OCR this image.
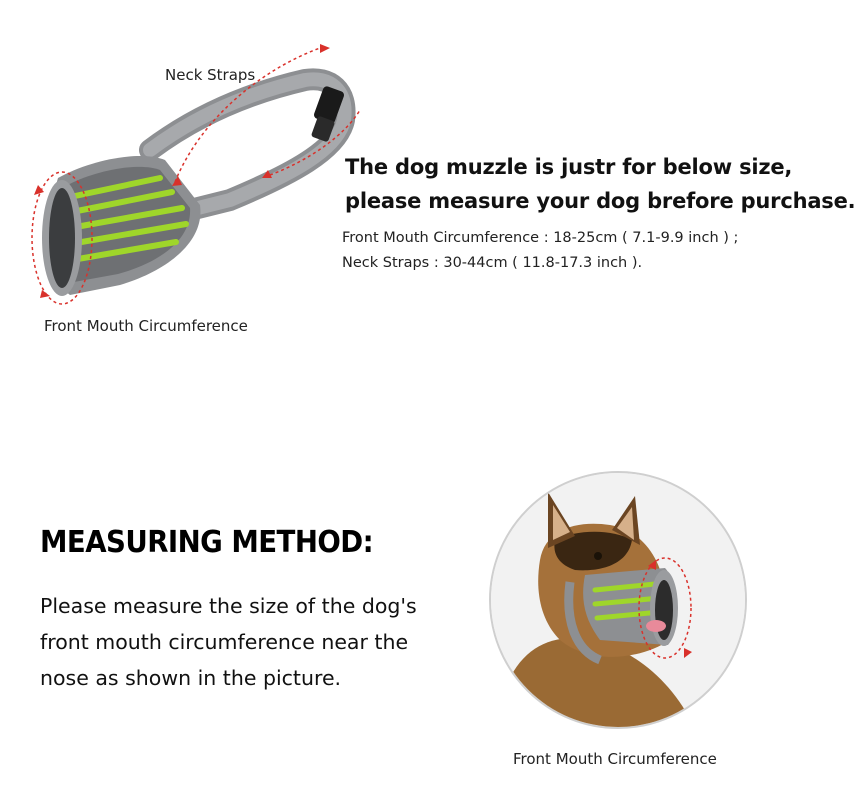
Neck Straps
Front Mouth Circumference
The dog muzzle is justr for below size,
please measure your dog brefore purchase.
Front Mouth Circumference : 18-25cm ( 7.1-9.9 inch ) ;
Neck Straps : 30-44cm ( 11.8-17.3 inch ).
MEASURING METHOD:
Please measure the size of the dog's
front mouth circumference near the
nose as shown in the picture.
Front Mouth Circumference
